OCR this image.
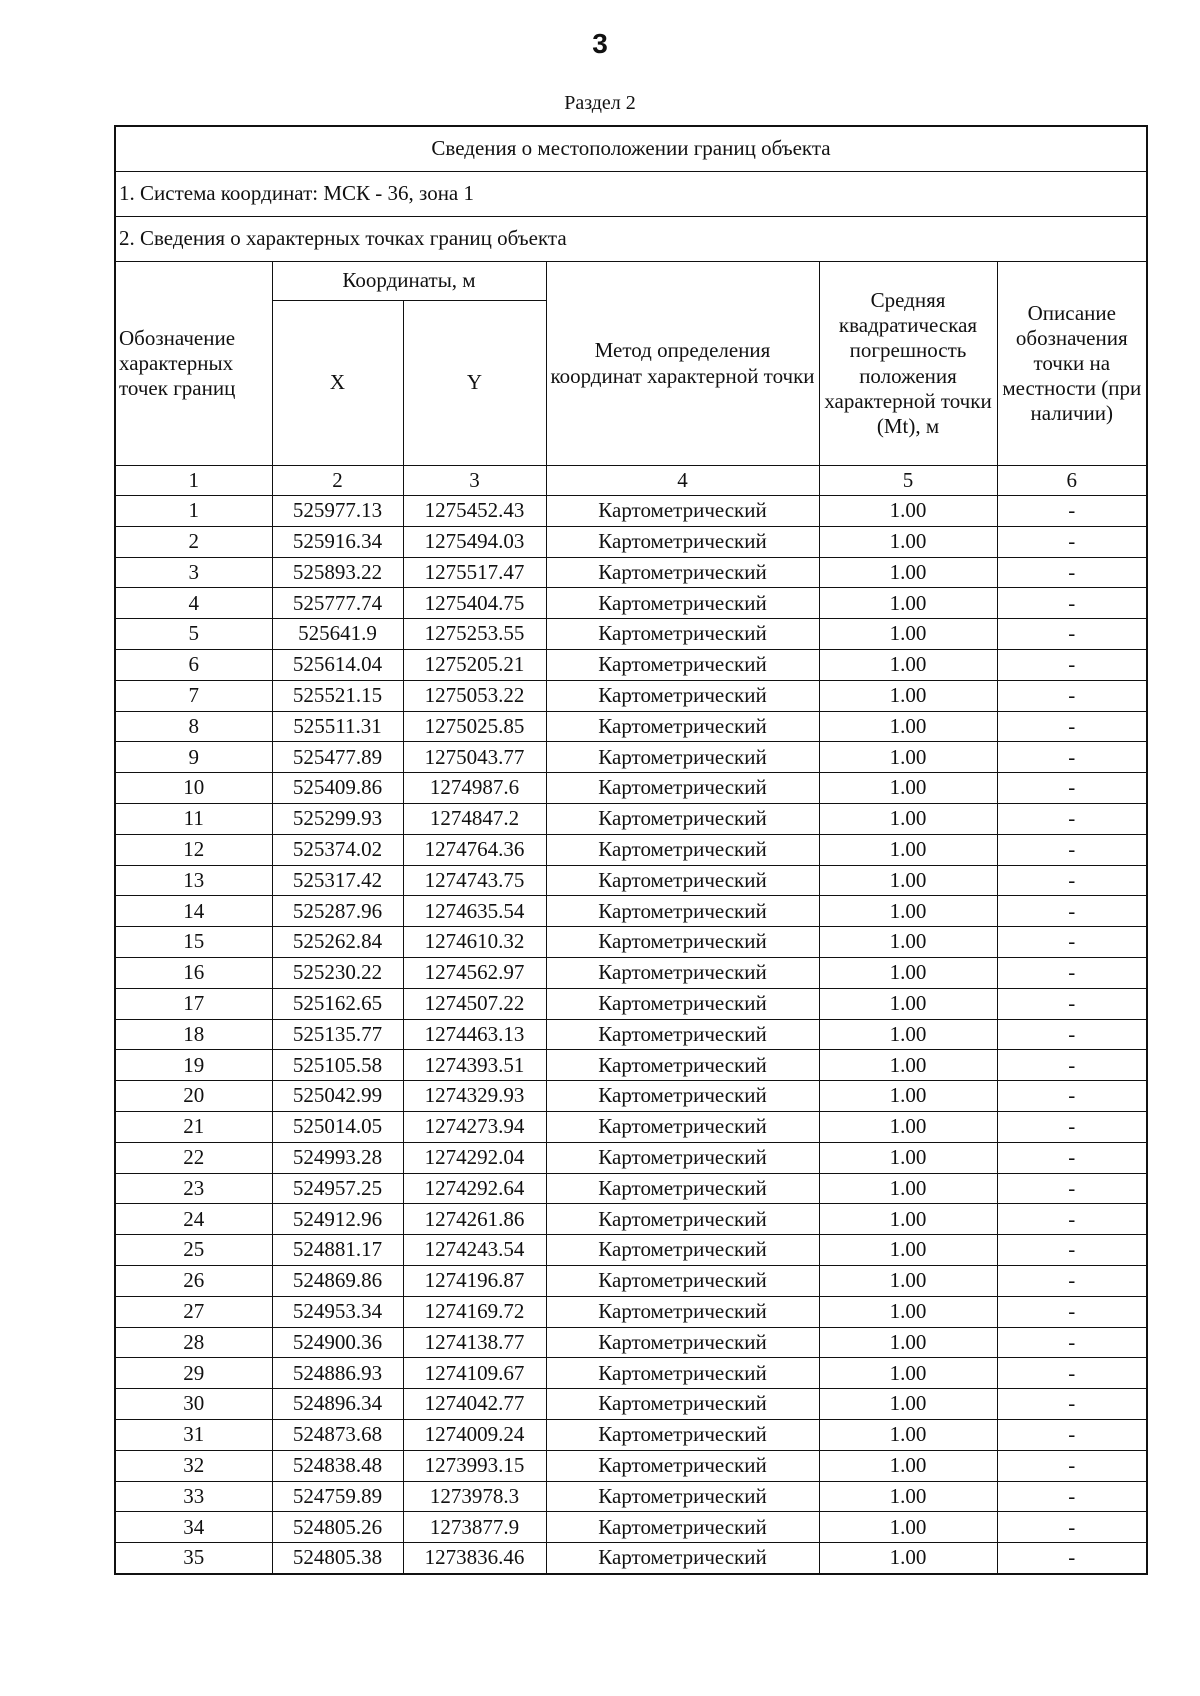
3
Раздел 2
Сведения о местоположении границ объекта					
1. Система координат: МСК - 36, зона 1					
2. Сведения о характерных точках границ объекта					
Обозначение характерных точек границ	Координаты, м		Метод определения координат характерной точки	Средняя квадратическая погрешность положения характерной точки (Mt), м	Описание обозначения точки на местности (при наличии)
	X	Y			
1	2	3	4	5	6
1	525977.13	1275452.43	Картометрический	1.00	-
2	525916.34	1275494.03	Картометрический	1.00	-
3	525893.22	1275517.47	Картометрический	1.00	-
4	525777.74	1275404.75	Картометрический	1.00	-
5	525641.9	1275253.55	Картометрический	1.00	-
6	525614.04	1275205.21	Картометрический	1.00	-
7	525521.15	1275053.22	Картометрический	1.00	-
8	525511.31	1275025.85	Картометрический	1.00	-
9	525477.89	1275043.77	Картометрический	1.00	-
10	525409.86	1274987.6	Картометрический	1.00	-
11	525299.93	1274847.2	Картометрический	1.00	-
12	525374.02	1274764.36	Картометрический	1.00	-
13	525317.42	1274743.75	Картометрический	1.00	-
14	525287.96	1274635.54	Картометрический	1.00	-
15	525262.84	1274610.32	Картометрический	1.00	-
16	525230.22	1274562.97	Картометрический	1.00	-
17	525162.65	1274507.22	Картометрический	1.00	-
18	525135.77	1274463.13	Картометрический	1.00	-
19	525105.58	1274393.51	Картометрический	1.00	-
20	525042.99	1274329.93	Картометрический	1.00	-
21	525014.05	1274273.94	Картометрический	1.00	-
22	524993.28	1274292.04	Картометрический	1.00	-
23	524957.25	1274292.64	Картометрический	1.00	-
24	524912.96	1274261.86	Картометрический	1.00	-
25	524881.17	1274243.54	Картометрический	1.00	-
26	524869.86	1274196.87	Картометрический	1.00	-
27	524953.34	1274169.72	Картометрический	1.00	-
28	524900.36	1274138.77	Картометрический	1.00	-
29	524886.93	1274109.67	Картометрический	1.00	-
30	524896.34	1274042.77	Картометрический	1.00	-
31	524873.68	1274009.24	Картометрический	1.00	-
32	524838.48	1273993.15	Картометрический	1.00	-
33	524759.89	1273978.3	Картометрический	1.00	-
34	524805.26	1273877.9	Картометрический	1.00	-
35	524805.38	1273836.46	Картометрический	1.00	-
